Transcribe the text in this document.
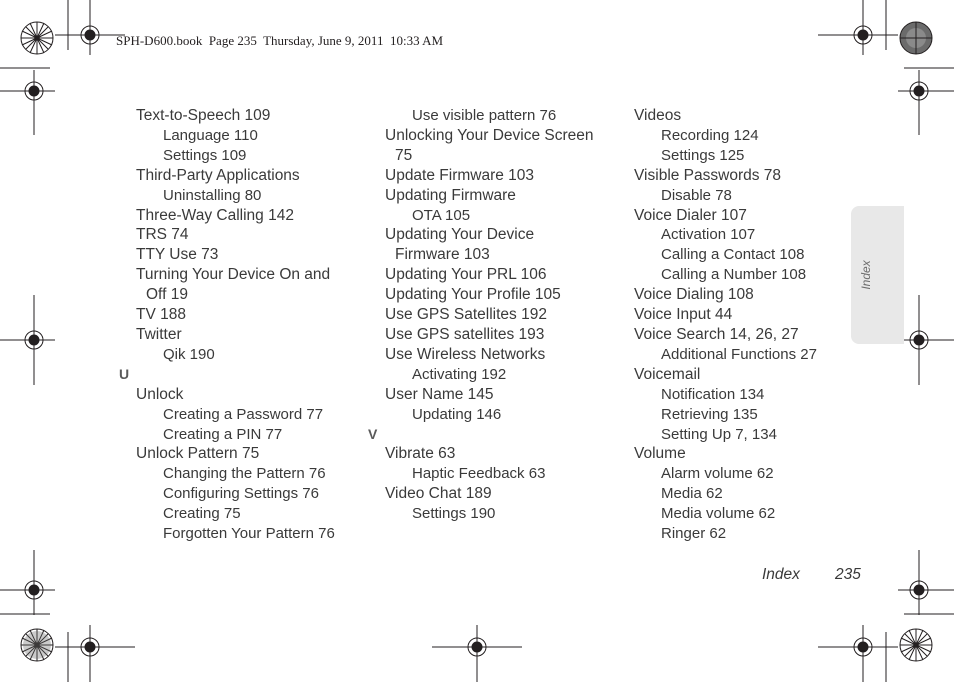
SPH-D600.book  Page 235  Thursday, June 9, 2011  10:33 AM
Text-to-Speech 109
Language 110
Settings 109
Third-Party Applications
Uninstalling 80
Three-Way Calling 142
TRS 74
TTY Use 73
Turning Your Device On and
Off 19
TV 188
Twitter
Qik 190
U
Unlock
Creating a Password 77
Creating a PIN 77
Unlock Pattern 75
Changing the Pattern 76
Configuring Settings 76
Creating 75
Forgotten Your Pattern 76
Use visible pattern 76
Unlocking Your Device Screen
75
Update Firmware 103
Updating Firmware
OTA 105
Updating Your Device
Firmware 103
Updating Your PRL 106
Updating Your Profile 105
Use GPS Satellites 192
Use GPS satellites 193
Use Wireless Networks
Activating 192
User Name 145
Updating 146
V
Vibrate 63
Haptic Feedback 63
Video Chat 189
Settings 190
Videos
Recording 124
Settings 125
Visible Passwords 78
Disable 78
Voice Dialer 107
Activation 107
Calling a Contact 108
Calling a Number 108
Voice Dialing 108
Voice Input 44
Voice Search 14, 26, 27
Additional Functions 27
Voicemail
Notification 134
Retrieving 135
Setting Up 7, 134
Volume
Alarm volume 62
Media 62
Media volume 62
Ringer 62
Index
Index 235
